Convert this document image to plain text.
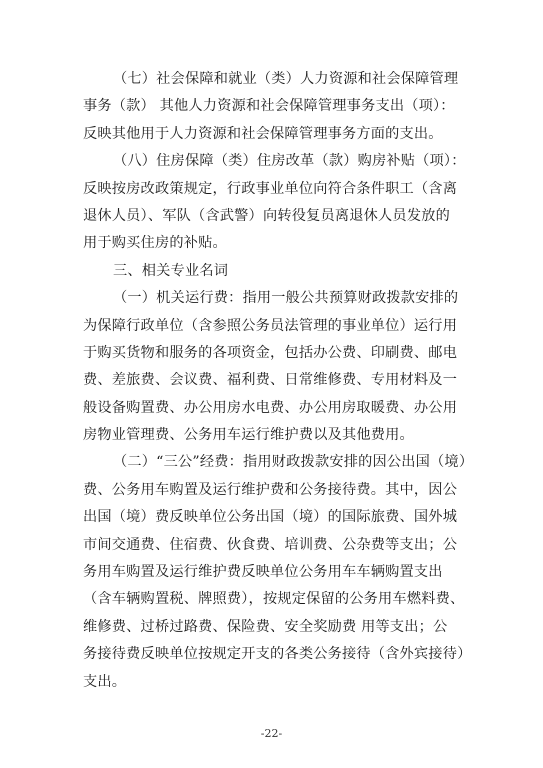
（七）社会保障和就业（类）人力资源和社会保障管理
事务（款） 其他人力资源和社会保障管理事务支出（项）：
反映其他用于人力资源和社会保障管理事务方面的支出。
（八）住房保障（类）住房改革（款）购房补贴（项）：
反映按房改政策规定，行政事业单位向符合条件职工（含离
退休人员）、军队（含武警）向转役复员离退休人员发放的
用于购买住房的补贴。
三、相关专业名词
（一）机关运行费：指用一般公共预算财政拨款安排的
为保障行政单位（含参照公务员法管理的事业单位）运行用
于购买货物和服务的各项资金，包括办公费、印刷费、邮电
费、差旅费、会议费、福利费、日常维修费、专用材料及一
般设备购置费、办公用房水电费、办公用房取暖费、办公用
房物业管理费、公务用车运行维护费以及其他费用。
（二）“三公”经费：指用财政拨款安排的因公出国（境）
费、公务用车购置及运行维护费和公务接待费。其中，因公
出国（境）费反映单位公务出国（境）的国际旅费、国外城
市间交通费、住宿费、伙食费、培训费、公杂费等支出；公
务用车购置及运行维护费反映单位公务用车车辆购置支出
（含车辆购置税、牌照费），按规定保留的公务用车燃料费、
维修费、过桥过路费、保险费、安全奖励费 用等支出；公
务接待费反映单位按规定开支的各类公务接待（含外宾接待）
支出。
-22-
